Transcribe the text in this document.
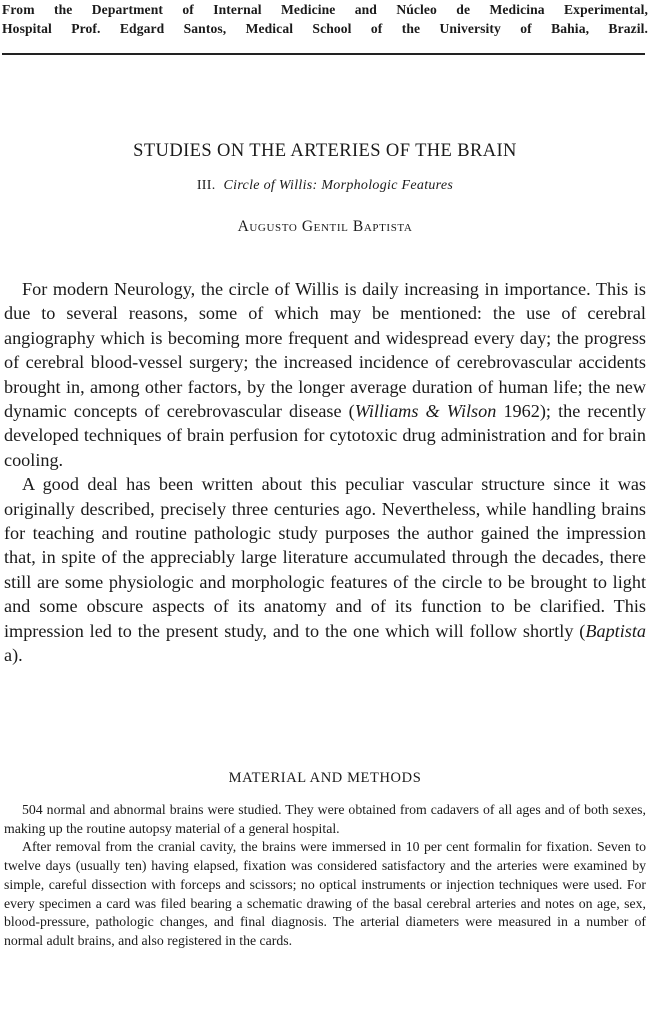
From the Department of Internal Medicine and Núcleo de Medicina Experimental,
Hospital Prof. Edgard Santos, Medical School of the University of Bahia, Brazil.
STUDIES ON THE ARTERIES OF THE BRAIN
III. Circle of Willis: Morphologic Features
Augusto Gentil Baptista

For modern Neurology, the circle of Willis is daily increasing in importance. This is due to several reasons, some of which may be mentioned: the use of cerebral angiography which is becoming more frequent and widespread every day; the progress of cerebral blood-vessel surgery; the increased incidence of cerebrovascular accidents brought in, among other factors, by the longer average duration of human life; the new dynamic concepts of cerebrovascular disease (Williams & Wilson 1962); the recently developed techniques of brain perfusion for cytotoxic drug administration and for brain cooling.

A good deal has been written about this peculiar vascular structure since it was originally described, precisely three centuries ago. Nevertheless, while handling brains for teaching and routine pathologic study purposes the author gained the impression that, in spite of the appreciably large literature accumulated through the decades, there still are some physiologic and morphologic features of the circle to be brought to light and some obscure aspects of its anatomy and of its function to be clarified. This impression led to the present study, and to the one which will follow shortly (Baptista a).

MATERIAL AND METHODS

504 normal and abnormal brains were studied. They were obtained from cadavers of all ages and of both sexes, making up the routine autopsy material of a general hospital.

After removal from the cranial cavity, the brains were immersed in 10 per cent formalin for fixation. Seven to twelve days (usually ten) having elapsed, fixation was considered satisfactory and the arteries were examined by simple, careful dissection with forceps and scissors; no optical instruments or injection techniques were used. For every specimen a card was filed bearing a schematic drawing of the basal cerebral arteries and notes on age, sex, blood-pressure, pathologic changes, and final diagnosis. The arterial diameters were measured in a number of normal adult brains, and also registered in the cards.
